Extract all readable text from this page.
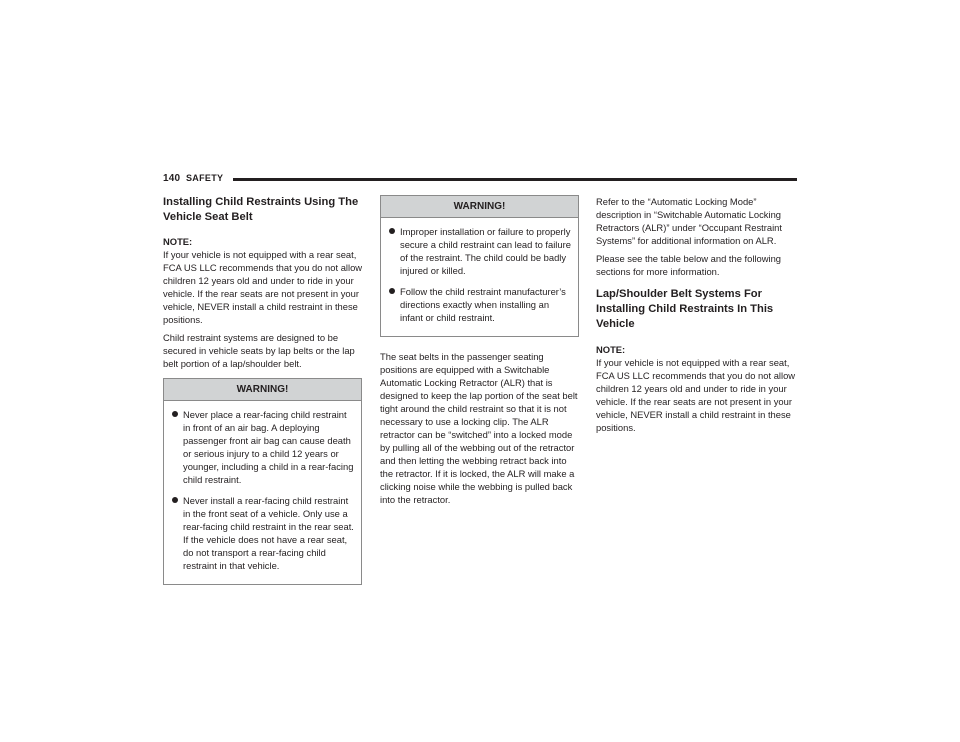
140 SAFETY
Installing Child Restraints Using The Vehicle Seat Belt

NOTE:

If your vehicle is not equipped with a rear seat, FCA US LLC recommends that you do not allow children 12 years old and under to ride in your vehicle. If the rear seats are not present in your vehicle, NEVER install a child restraint in these positions.

Child restraint systems are designed to be secured in vehicle seats by lap belts or the lap belt portion of a lap/shoulder belt.

WARNING!
Never place a rear-facing child restraint in front of an air bag. A deploying passenger front air bag can cause death or serious injury to a child 12 years or younger, including a child in a rear-facing child restraint.
Never install a rear-facing child restraint in the front seat of a vehicle. Only use a rear-facing child restraint in the rear seat. If the vehicle does not have a rear seat, do not transport a rear-facing child restraint in that vehicle.
WARNING!
Improper installation or failure to properly secure a child restraint can lead to failure of the restraint. The child could be badly injured or killed.
Follow the child restraint manufacturer’s directions exactly when installing an infant or child restraint.

The seat belts in the passenger seating positions are equipped with a Switchable Automatic Locking Retractor (ALR) that is designed to keep the lap portion of the seat belt tight around the child restraint so that it is not necessary to use a locking clip. The ALR retractor can be “switched” into a locked mode by pulling all of the webbing out of the retractor and then letting the webbing retract back into the retractor. If it is locked, the ALR will make a clicking noise while the webbing is pulled back into the retractor.

Refer to the “Automatic Locking Mode” description in “Switchable Automatic Locking Retractors (ALR)” under “Occupant Restraint Systems” for additional information on ALR.

Please see the table below and the following sections for more information.

Lap/Shoulder Belt Systems For Installing Child Restraints In This Vehicle

NOTE:

If your vehicle is not equipped with a rear seat, FCA US LLC recommends that you do not allow children 12 years old and under to ride in your vehicle. If the rear seats are not present in your vehicle, NEVER install a child restraint in these positions.
